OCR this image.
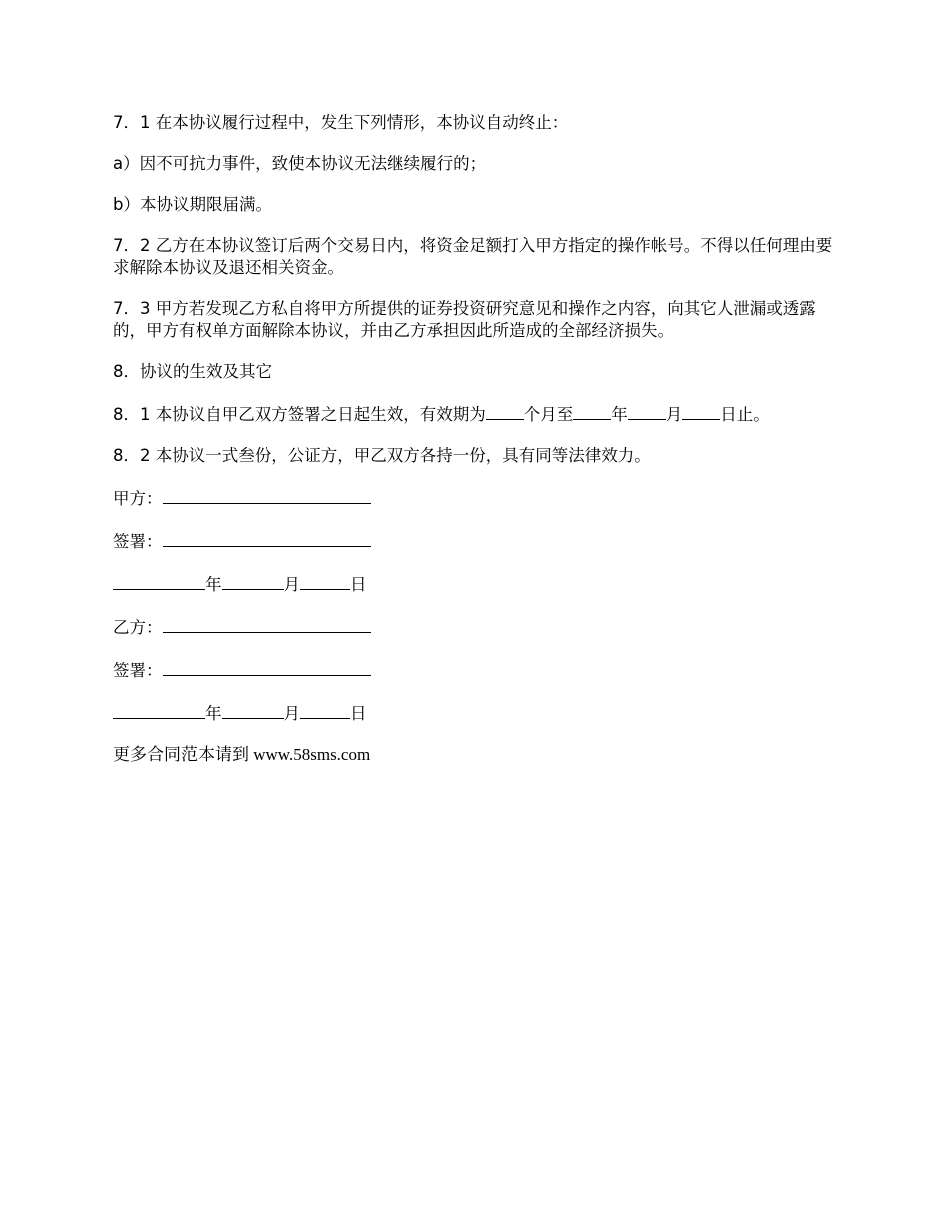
7．1 在本协议履行过程中，发生下列情形，本协议自动终止：

a）因不可抗力事件，致使本协议无法继续履行的；

b）本协议期限届满。

7．2 乙方在本协议签订后两个交易日内，将资金足额打入甲方指定的操作帐号。不得以任何理由要求解除本协议及退还相关资金。

7．3 甲方若发现乙方私自将甲方所提供的证券投资研究意见和操作之内容，向其它人泄漏或透露的，甲方有权单方面解除本协议，并由乙方承担因此所造成的全部经济损失。

8．协议的生效及其它

8．1 本协议自甲乙双方签署之日起生效，有效期为 个月至 年 月 日止。

8．2 本协议一式叁份，公证方，甲乙双方各持一份，具有同等法律效力。

甲方：
签署：
年	月	日
乙方：
签署：
年	月	日

更多合同范本请到 www.58sms.com
